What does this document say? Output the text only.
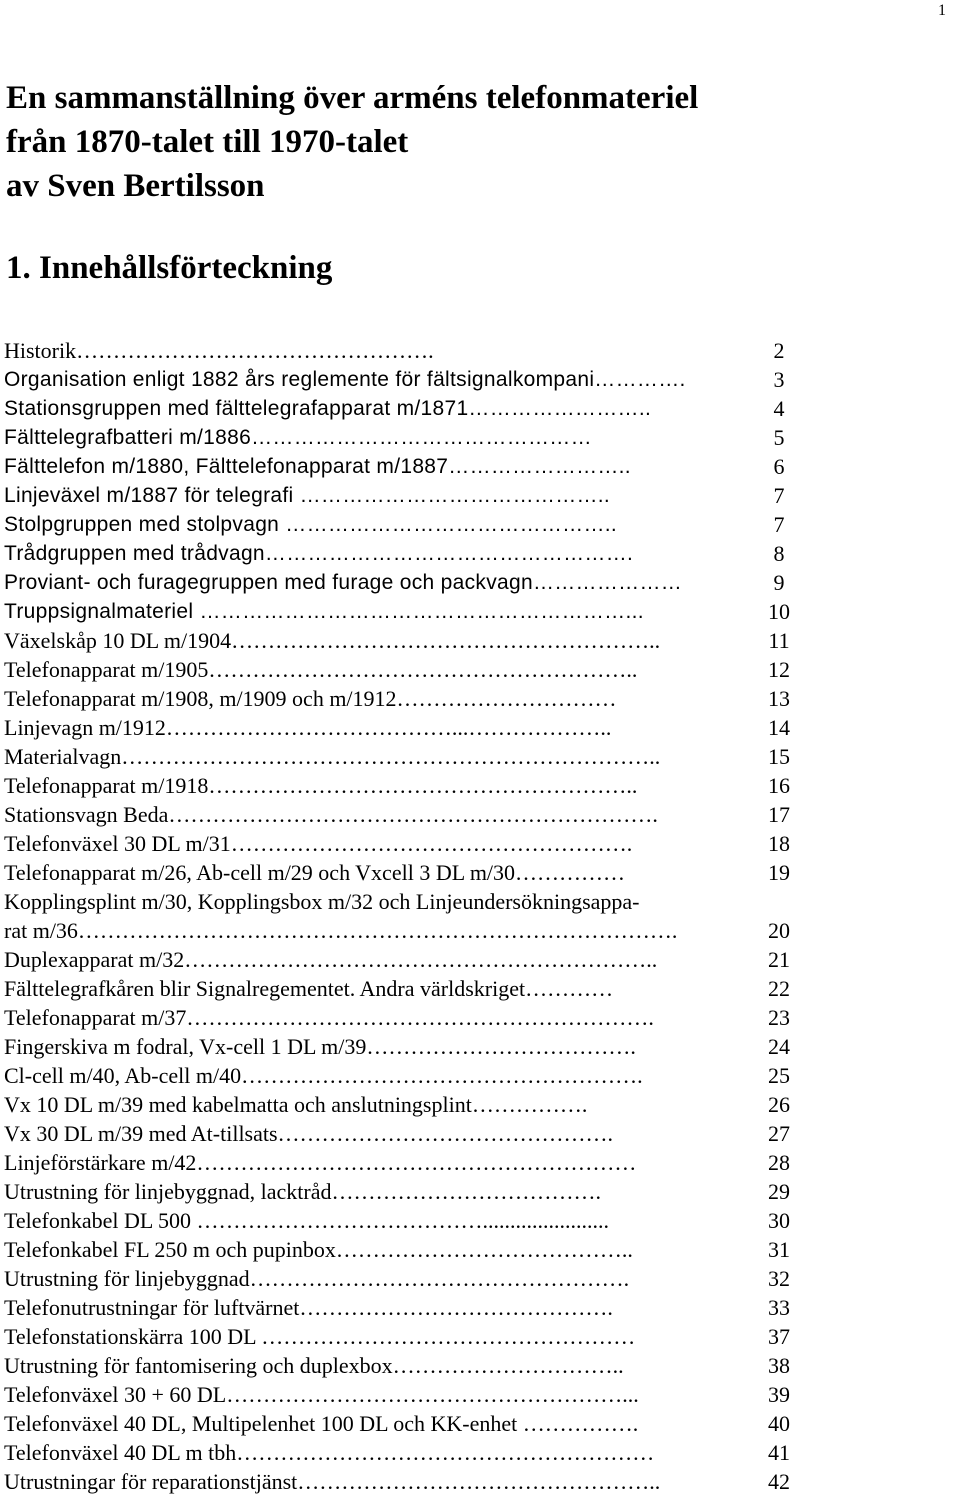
1
En sammanställning över arméns telefonmateriel
från 1870-talet till 1970-talet
av Sven Bertilsson
1. Innehållsförteckning
Historik………………………………………….	2
Organisation enligt 1882 års reglemente för fältsignalkompani………….	3
Stationsgruppen med fälttelegrafapparat m/1871……………………..	4
Fälttelegrafbatteri m/1886…………………………………………	5
Fälttelefon m/1880, Fälttelefonapparat m/1887……………………..	6
Linjeväxel m/1887 för telegrafi ……………………………………..	7
Stolpgruppen med stolpvagn ………………………………………..	7
Trådgruppen med trådvagn…………………………………………….	8
Proviant- och furagegruppen med furage och packvagn…………………	9
Truppsignalmateriel ……………………………………………………...	10
Växelskåp 10 DL m/1904…………………………………………………..	11
Telefonapparat m/1905…………………………………………………..	12
Telefonapparat m/1908, m/1909 och m/1912…………………………	13
Linjevagn m/1912…………………………………...………………..	14
Materialvagn………………………………………………………………..	15
Telefonapparat m/1918…………………………………………………..	16
Stationsvagn Beda………………………………………………………….	17
Telefonväxel 30 DL m/31……………………………………………….	18
Telefonapparat m/26, Ab-cell m/29 och Vxcell 3 DL m/30……………	19
Kopplingsplint m/30, Kopplingsbox m/32 och Linjeundersökningsappa-
rat m/36……………………………………………………………………….	20
Duplexapparat m/32………………………………………………………..	21
Fälttelegrafkåren blir Signalregementet. Andra världskriget…………	22
Telefonapparat m/37……………………………………………………….	23
Fingerskiva m fodral, Vx-cell 1 DL m/39……………………………….	24
Cl-cell m/40, Ab-cell m/40……………………………………………….	25
Vx 10 DL m/39 med kabelmatta och anslutningsplint…………….	26
Vx 30 DL m/39 med At-tillsats……………………………………….	27
Linjeförstärkare m/42……………………………………………………	28
Utrustning för linjebyggnad, lacktråd……………………………….	29
Telefonkabel DL 500 ………………………………….......................	30
Telefonkabel FL 250 m och pupinbox…………………………………..	31
Utrustning för linjebyggnad…………………………………………….	32
Telefonutrustningar för luftvärnet…………………………………….	33
Telefonstationskärra 100 DL ……………………………………………	37
Utrustning för fantomisering och duplexbox…………………………..	38
Telefonväxel 30 + 60 DL………………………………………………...	39
Telefonväxel 40 DL, Multipelenhet 100 DL och KK-enhet …………….	40
Telefonväxel 40 DL m tbh…………………………………………………	41
Utrustningar för reparationstjänst…………………………………………..	42
